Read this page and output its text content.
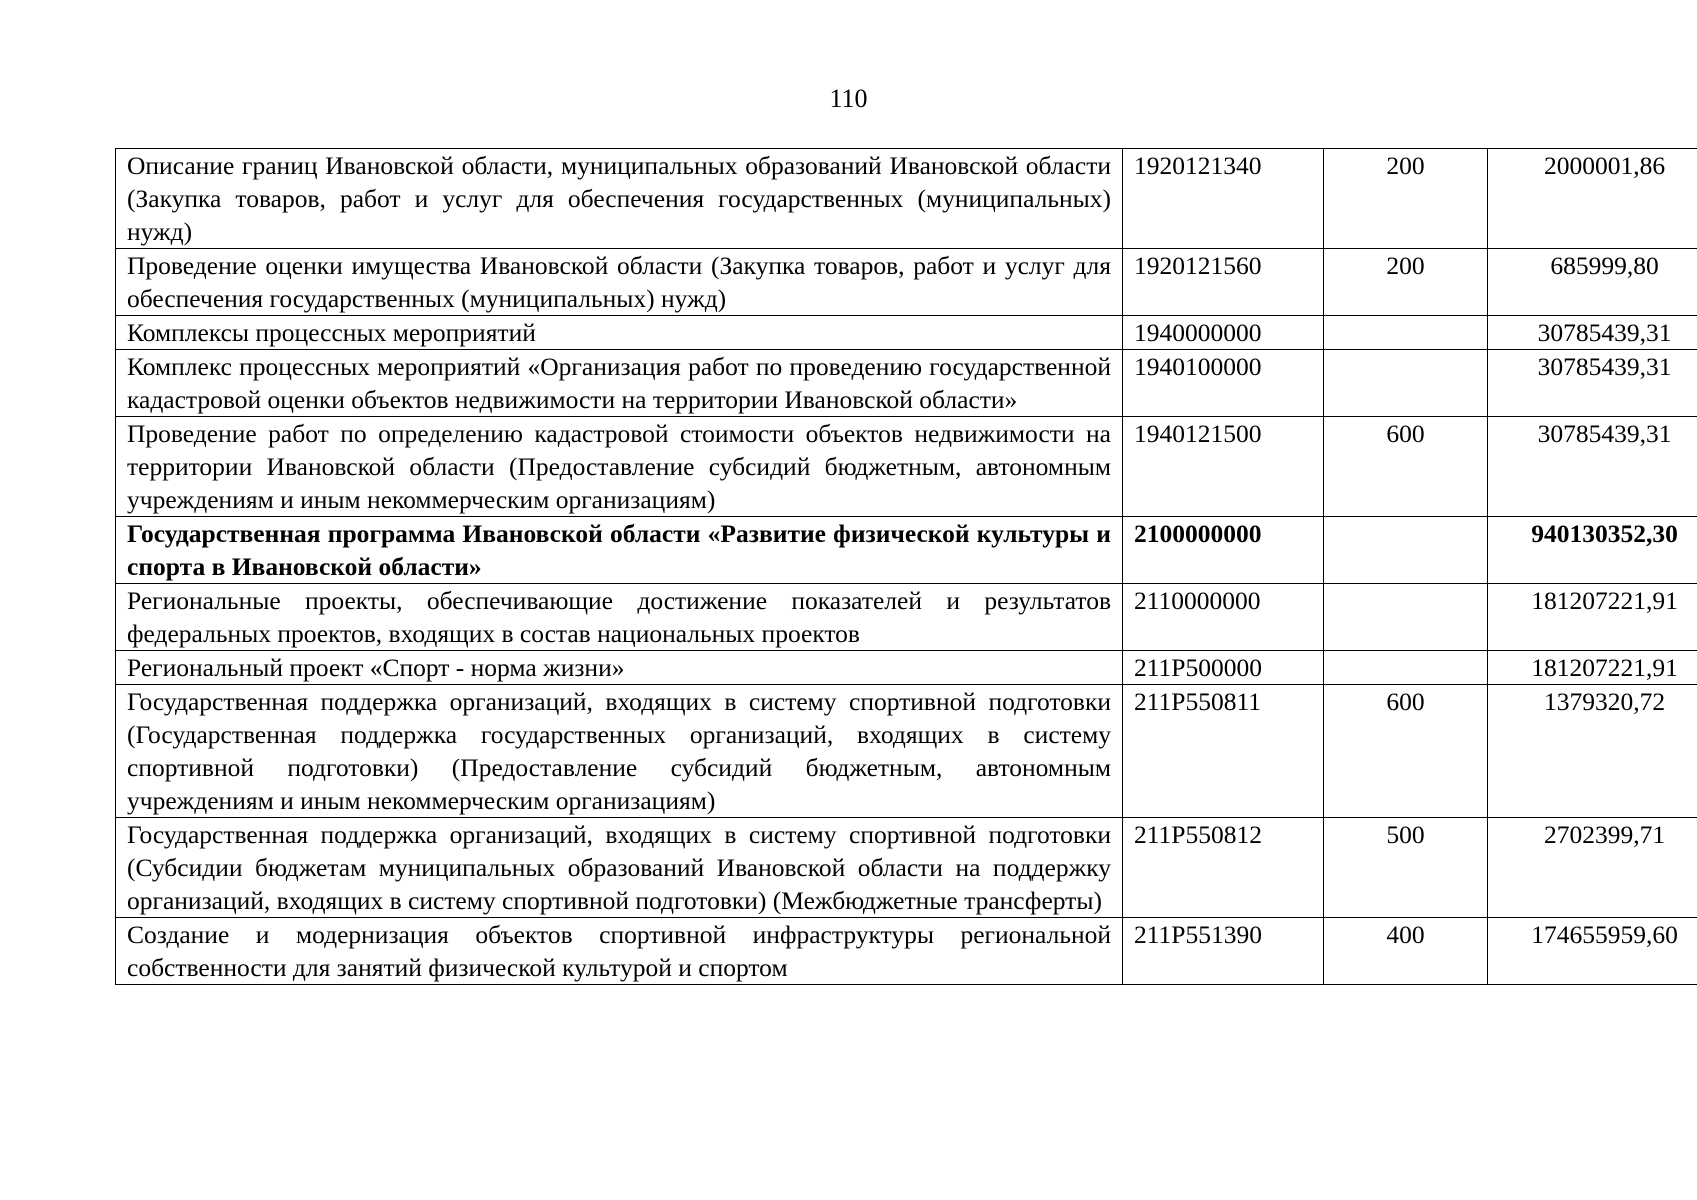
110
Описание границ Ивановской области, муниципальных образований Ивановской области (Закупка товаров, работ и услуг для обеспечения государственных (муниципальных) нужд)	1920121340	200	2000001,86
Проведение оценки имущества Ивановской области (Закупка товаров, работ и услуг для обеспечения государственных (муниципальных) нужд)	1920121560	200	685999,80
Комплексы процессных мероприятий	1940000000		30785439,31
Комплекс процессных мероприятий «Организация работ по проведению государственной кадастровой оценки объектов недвижимости на территории Ивановской области»	1940100000		30785439,31
Проведение работ по определению кадастровой стоимости объектов недвижимости на территории Ивановской области (Предоставление субсидий бюджетным, автономным учреждениям и иным некоммерческим организациям)	1940121500	600	30785439,31
Государственная программа Ивановской области «Развитие физической культуры и спорта в Ивановской области»	2100000000		940130352,30
Региональные проекты, обеспечивающие достижение показателей и результатов федеральных проектов, входящих в состав национальных проектов	2110000000		181207221,91
Региональный проект «Спорт - норма жизни»	211P500000		181207221,91
Государственная поддержка организаций, входящих в систему спортивной подготовки (Государственная поддержка государственных организаций, входящих в систему спортивной подготовки) (Предоставление субсидий бюджетным, автономным учреждениям и иным некоммерческим организациям)	211P550811	600	1379320,72
Государственная поддержка организаций, входящих в систему спортивной подготовки (Субсидии бюджетам муниципальных образований Ивановской области на поддержку организаций, входящих в систему спортивной подготовки) (Межбюджетные трансферты)	211P550812	500	2702399,71

Создание и модернизация объектов спортивной инфраструктуры региональной собственности для занятий физической культурой и спортом	211P551390	400	174655959,60
